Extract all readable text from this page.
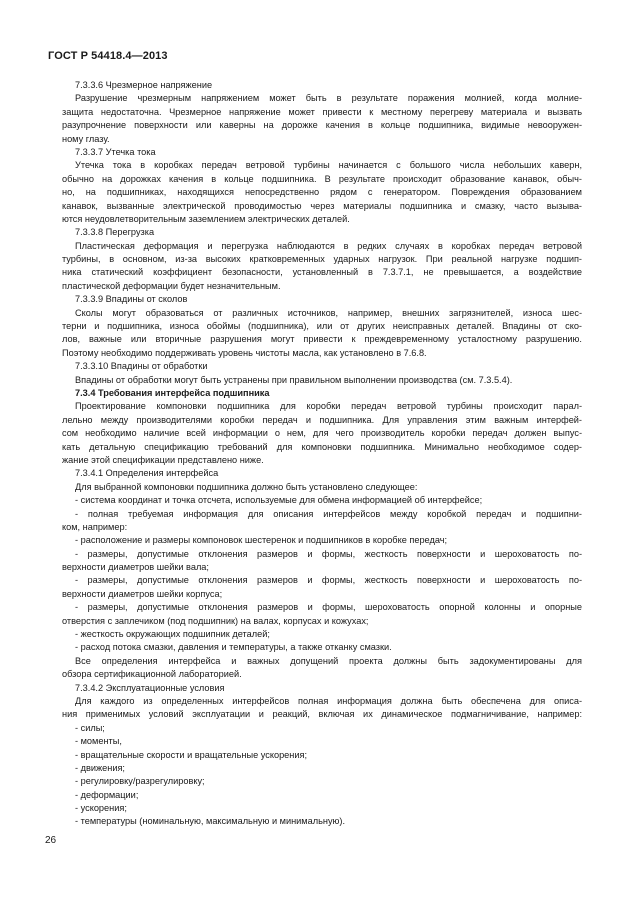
ГОСТ Р 54418.4—2013
7.3.3.6 Чрезмерное напряжение
Разрушение чрезмерным напряжением может быть в результате поражения молнией, когда молние-
защита недостаточна. Чрезмерное напряжение может привести к местному перегреву материала и вызвать
разупрочнение поверхности или каверны на дорожке качения в кольце подшипника, видимые невооружен-
ному глазу.
7.3.3.7 Утечка тока
Утечка тока в коробках передач ветровой турбины начинается с большого числа небольших каверн,
обычно на дорожках качения в кольце подшипника. В результате происходит образование канавок, обыч-
но, на подшипниках, находящихся непосредственно рядом с генератором. Повреждения образованием
канавок, вызванные электрической проводимостью через материалы подшипника и смазку, часто вызыва-
ются неудовлетворительным заземлением электрических деталей.
7.3.3.8 Перегрузка
Пластическая деформация и перегрузка наблюдаются в редких случаях в коробках передач ветровой
турбины, в основном, из-за высоких кратковременных ударных нагрузок. При реальной нагрузке подшип-
ника статический коэффициент безопасности, установленный в 7.3.7.1, не превышается, а воздействие
пластической деформации будет незначительным.
7.3.3.9 Впадины от сколов
Сколы могут образоваться от различных источников, например, внешних загрязнителей, износа шес-
терни и подшипника, износа обоймы (подшипника), или от других неисправных деталей. Впадины от ско-
лов, важные или вторичные разрушения могут привести к преждевременному усталостному разрушению.
Поэтому необходимо поддерживать уровень чистоты масла, как установлено в 7.6.8.
7.3.3.10 Впадины от обработки
Впадины от обработки могут быть устранены при правильном выполнении производства (см. 7.3.5.4).
7.3.4 Требования интерфейса подшипника
Проектирование компоновки подшипника для коробки передач ветровой турбины происходит парал-
лельно между производителями коробки передач и подшипника. Для управления этим важным интерфей-
сом необходимо наличие всей информации о нем, для чего производитель коробки передач должен выпус-
кать детальную спецификацию требований для компоновки подшипника. Минимально необходимое содер-
жание этой спецификации представлено ниже.
7.3.4.1 Определения интерфейса
Для выбранной компоновки подшипника должно быть установлено следующее:
- система координат и точка отсчета, используемые для обмена информацией об интерфейсе;
- полная требуемая информация для описания интерфейсов между коробкой передач и подшипни-
ком, например:
- расположение и размеры компоновок шестеренок и подшипников в коробке передач;
- размеры, допустимые отклонения размеров и формы, жесткость поверхности и шероховатость по-
верхности диаметров шейки вала;
- размеры, допустимые отклонения размеров и формы, жесткость поверхности и шероховатость по-
верхности диаметров шейки корпуса;
- размеры, допустимые отклонения размеров и формы, шероховатость опорной колонны и опорные
отверстия с заплечиком (под подшипник) на валах, корпусах и кожухах;
- жесткость окружающих подшипник деталей;
- расход потока смазки, давления и температуры, а также отканку смазки.
Все определения интерфейса и важных допущений проекта должны быть задокументированы для
обзора сертификационной лабораторией.
7.3.4.2 Эксплуатационные условия
Для каждого из определенных интерфейсов полная информация должна быть обеспечена для описа-
ния применимых условий эксплуатации и реакций, включая их динамическое подмагничивание, например:
- силы;
- моменты,
- вращательные скорости и вращательные ускорения;
- движения;
- регулировку/разрегулировку;
- деформации;
- ускорения;
- температуры (номинальную, максимальную и минимальную).
26
